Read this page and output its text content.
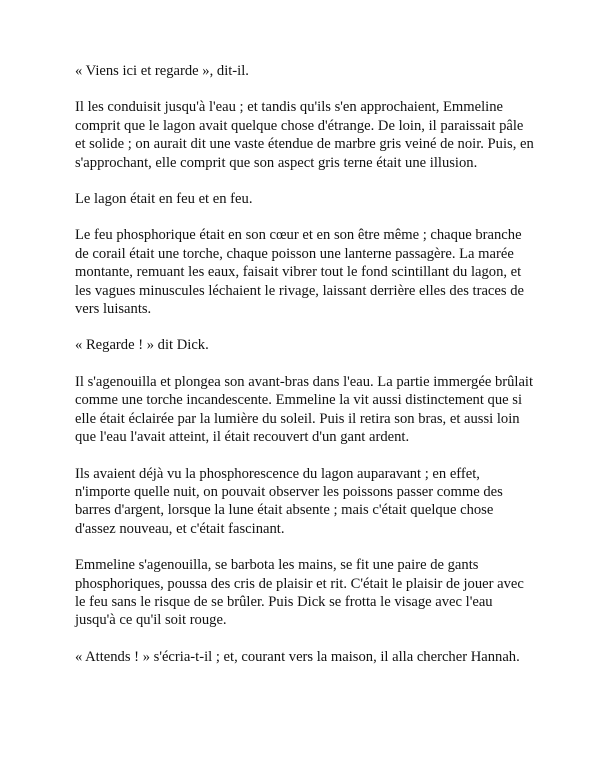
« Viens ici et regarde », dit-il.

Il les conduisit jusqu'à l'eau ; et tandis qu'ils s'en approchaient, Emmeline comprit que le lagon avait quelque chose d'étrange. De loin, il paraissait pâle et solide ; on aurait dit une vaste étendue de marbre gris veiné de noir. Puis, en s'approchant, elle comprit que son aspect gris terne était une illusion.

Le lagon était en feu et en feu.

Le feu phosphorique était en son cœur et en son être même ; chaque branche de corail était une torche, chaque poisson une lanterne passagère. La marée montante, remuant les eaux, faisait vibrer tout le fond scintillant du lagon, et les vagues minuscules léchaient le rivage, laissant derrière elles des traces de vers luisants.

« Regarde ! » dit Dick.

Il s'agenouilla et plongea son avant-bras dans l'eau. La partie immergée brûlait comme une torche incandescente. Emmeline la vit aussi distinctement que si elle était éclairée par la lumière du soleil. Puis il retira son bras, et aussi loin que l'eau l'avait atteint, il était recouvert d'un gant ardent.

Ils avaient déjà vu la phosphorescence du lagon auparavant ; en effet, n'importe quelle nuit, on pouvait observer les poissons passer comme des barres d'argent, lorsque la lune était absente ; mais c'était quelque chose d'assez nouveau, et c'était fascinant.

Emmeline s'agenouilla, se barbota les mains, se fit une paire de gants phosphoriques, poussa des cris de plaisir et rit. C'était le plaisir de jouer avec le feu sans le risque de se brûler. Puis Dick se frotta le visage avec l'eau jusqu'à ce qu'il soit rouge.

« Attends ! » s'écria-t-il ; et, courant vers la maison, il alla chercher Hannah.
